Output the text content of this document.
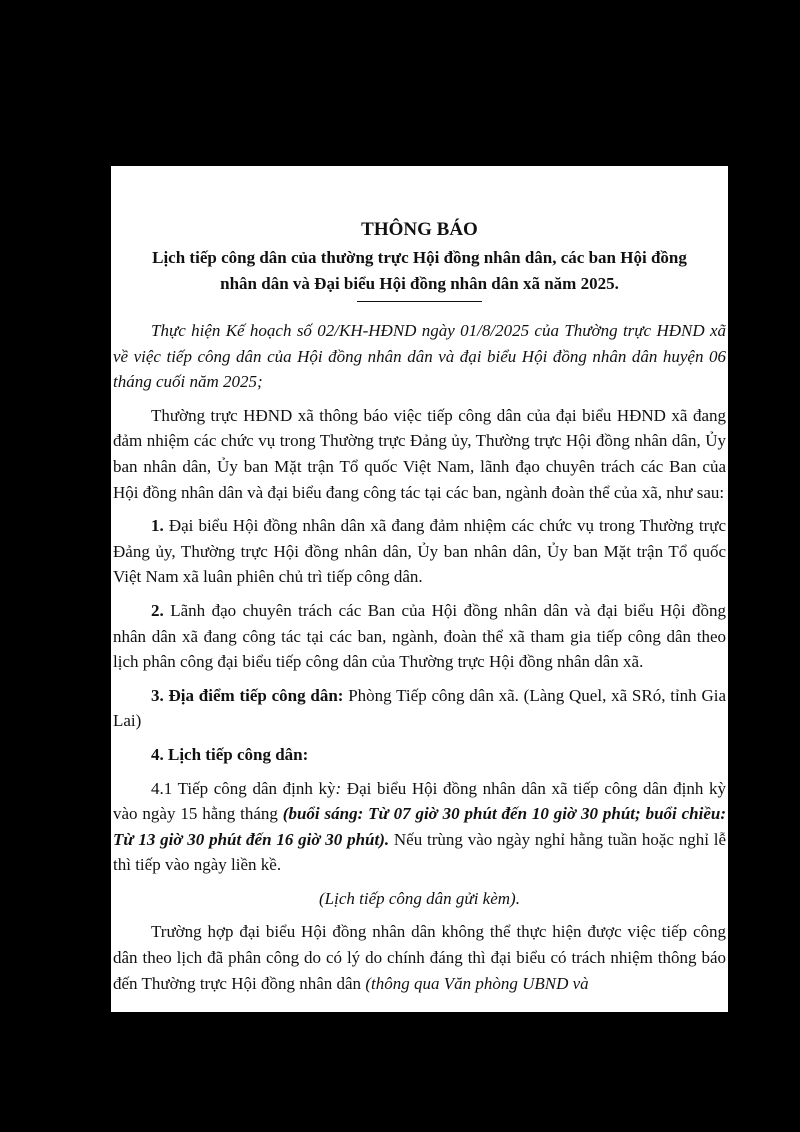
THÔNG BÁO
Lịch tiếp công dân của thường trực Hội đồng nhân dân, các ban Hội đồng nhân dân và Đại biểu Hội đồng nhân dân xã năm 2025.

Thực hiện Kế hoạch số 02/KH-HĐND ngày 01/8/2025 của Thường trực HĐND xã về việc tiếp công dân của Hội đồng nhân dân và đại biểu Hội đồng nhân dân huyện 06 tháng cuối năm 2025;

Thường trực HĐND xã thông báo việc tiếp công dân của đại biểu HĐND xã đang đảm nhiệm các chức vụ trong Thường trực Đảng ủy, Thường trực Hội đồng nhân dân, Ủy ban nhân dân, Ủy ban Mặt trận Tổ quốc Việt Nam, lãnh đạo chuyên trách các Ban của Hội đồng nhân dân và đại biểu đang công tác tại các ban, ngành đoàn thể của xã, như sau:

1. Đại biểu Hội đồng nhân dân xã đang đảm nhiệm các chức vụ trong Thường trực Đảng ủy, Thường trực Hội đồng nhân dân, Ủy ban nhân dân, Ủy ban Mặt trận Tổ quốc Việt Nam xã luân phiên chủ trì tiếp công dân.

2. Lãnh đạo chuyên trách các Ban của Hội đồng nhân dân và đại biểu Hội đồng nhân dân xã đang công tác tại các ban, ngành, đoàn thể xã tham gia tiếp công dân theo lịch phân công đại biểu tiếp công dân của Thường trực Hội đồng nhân dân xã.

3. Địa điểm tiếp công dân: Phòng Tiếp công dân xã. (Làng Quel, xã SRó, tỉnh Gia Lai)

4. Lịch tiếp công dân:

4.1 Tiếp công dân định kỳ: Đại biểu Hội đồng nhân dân xã tiếp công dân định kỳ vào ngày 15 hằng tháng (buổi sáng: Từ 07 giờ 30 phút đến 10 giờ 30 phút; buổi chiều: Từ 13 giờ 30 phút đến 16 giờ 30 phút). Nếu trùng vào ngày nghỉ hằng tuần hoặc nghỉ lễ thì tiếp vào ngày liền kề.

(Lịch tiếp công dân gửi kèm).

Trường hợp đại biểu Hội đồng nhân dân không thể thực hiện được việc tiếp công dân theo lịch đã phân công do có lý do chính đáng thì đại biểu có trách nhiệm thông báo đến Thường trực Hội đồng nhân dân (thông qua Văn phòng UBND và
